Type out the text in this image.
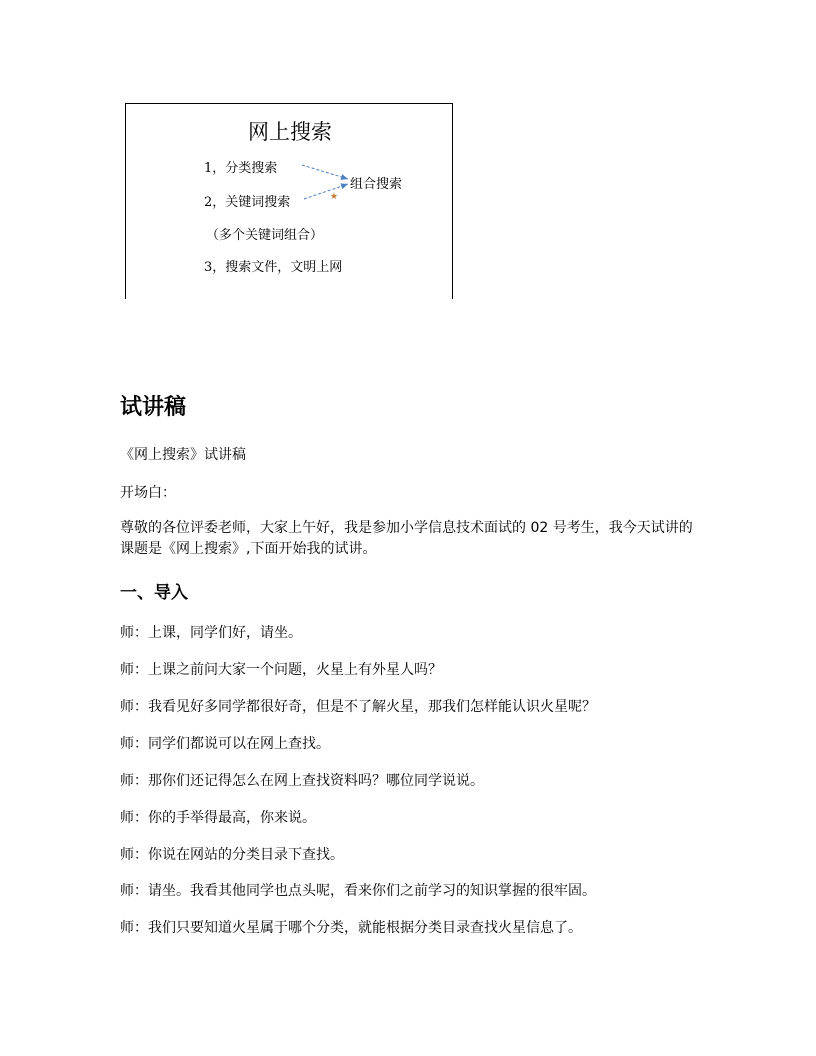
网上搜索
1，分类搜索
2，关键词搜索
（多个关键词组合）
3，搜索文件，文明上网
组合搜索
★
试讲稿
《网上搜索》试讲稿
开场白：
尊敬的各位评委老师，大家上午好，我是参加小学信息技术面试的 02 号考生，我今天试讲的课题是《网上搜索》,下面开始我的试讲。
一、导入
师：上课，同学们好，请坐。
师：上课之前问大家一个问题，火星上有外星人吗？
师：我看见好多同学都很好奇，但是不了解火星，那我们怎样能认识火星呢？
师：同学们都说可以在网上查找。
师：那你们还记得怎么在网上查找资料吗？哪位同学说说。
师：你的手举得最高，你来说。
师：你说在网站的分类目录下查找。
师：请坐。我看其他同学也点头呢，看来你们之前学习的知识掌握的很牢固。
师：我们只要知道火星属于哪个分类，就能根据分类目录查找火星信息了。
